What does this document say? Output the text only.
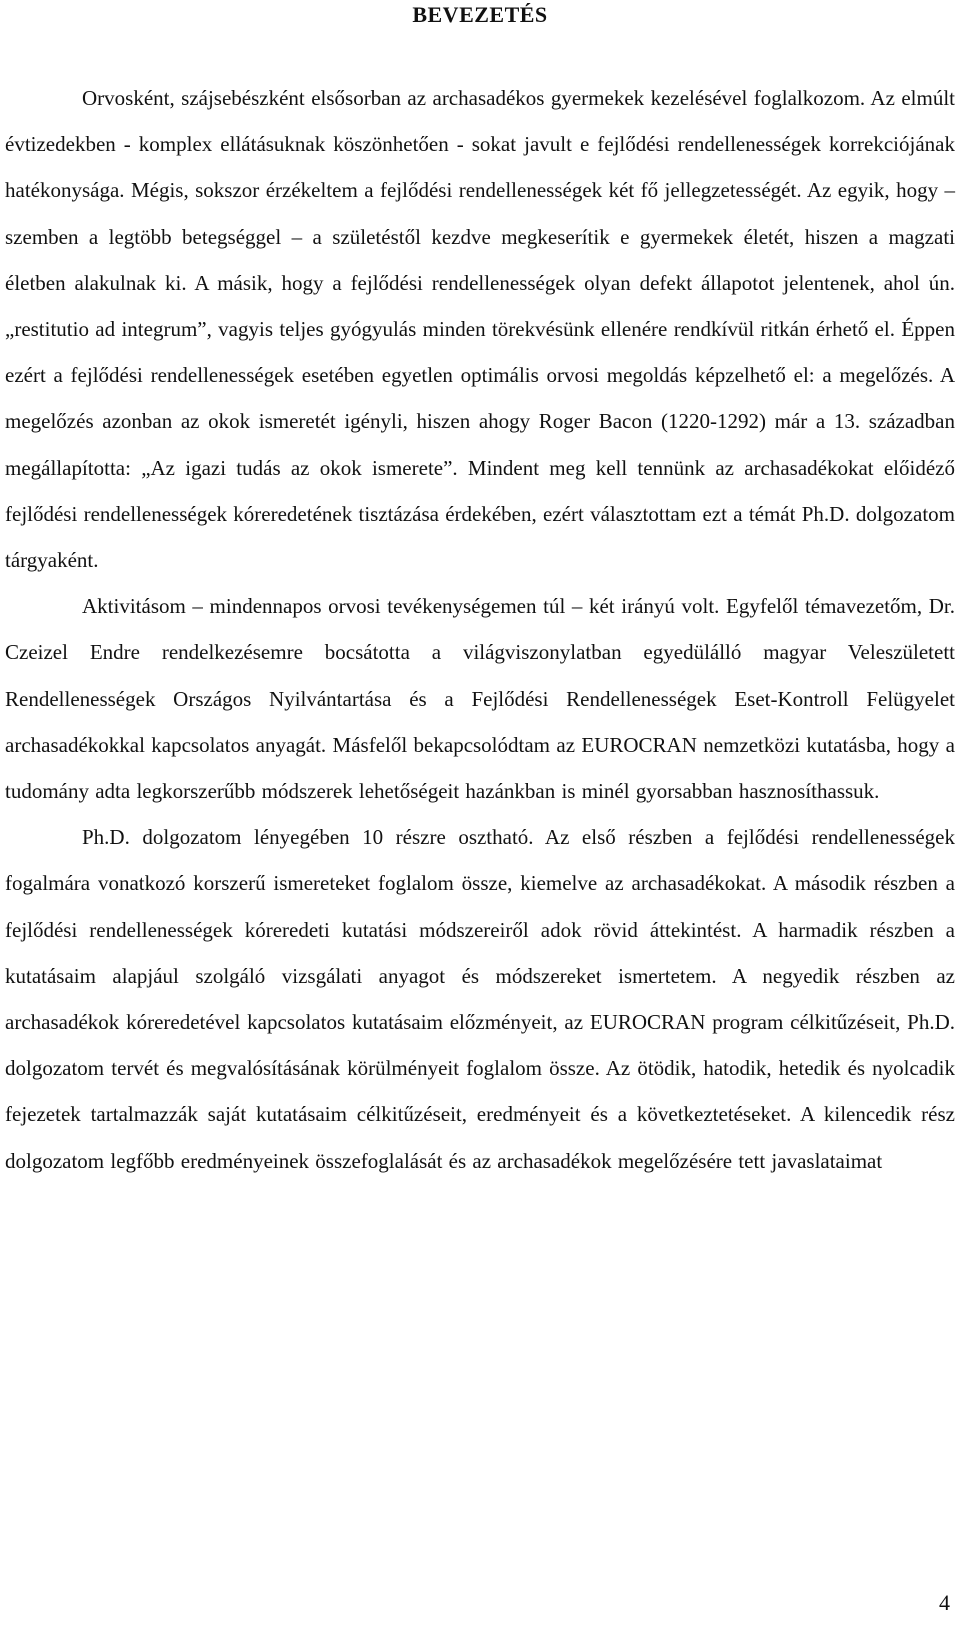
BEVEZETÉS

Orvosként, szájsebészként elsősorban az archasadékos gyermekek kezelésével foglalkozom. Az elmúlt évtizedekben - komplex ellátásuknak köszönhetően - sokat javult e fejlődési rendellenességek korrekciójának hatékonysága. Mégis, sokszor érzékeltem a fejlődési rendellenességek két fő jellegzetességét. Az egyik, hogy – szemben a legtöbb betegséggel – a születéstől kezdve megkeserítik e gyermekek életét, hiszen a magzati életben alakulnak ki. A másik, hogy a fejlődési rendellenességek olyan defekt állapotot jelentenek, ahol ún. „restitutio ad integrum”, vagyis teljes gyógyulás minden törekvésünk ellenére rendkívül ritkán érhető el. Éppen ezért a fejlődési rendellenességek esetében egyetlen optimális orvosi megoldás képzelhető el: a megelőzés. A megelőzés azonban az okok ismeretét igényli, hiszen ahogy Roger Bacon (1220-1292) már a 13. században megállapította: „Az igazi tudás az okok ismerete”. Mindent meg kell tennünk az archasadékokat előidéző fejlődési rendellenességek kóreredetének tisztázása érdekében, ezért választottam ezt a témát Ph.D. dolgozatom tárgyaként.

Aktivitásom – mindennapos orvosi tevékenységemen túl – két irányú volt. Egyfelől témavezetőm, Dr. Czeizel Endre rendelkezésemre bocsátotta a világviszonylatban egyedülálló magyar Veleszületett Rendellenességek Országos Nyilvántartása és a Fejlődési Rendellenességek Eset-Kontroll Felügyelet archasadékokkal kapcsolatos anyagát. Másfelől bekapcsolódtam az EUROCRAN nemzetközi kutatásba, hogy a tudomány adta legkorszerűbb módszerek lehetőségeit hazánkban is minél gyorsabban hasznosíthassuk.

Ph.D. dolgozatom lényegében 10 részre osztható. Az első részben a fejlődési rendellenességek fogalmára vonatkozó korszerű ismereteket foglalom össze, kiemelve az archasadékokat. A második részben a fejlődési rendellenességek kóreredeti kutatási módszereiről adok rövid áttekintést. A harmadik részben a kutatásaim alapjául szolgáló vizsgálati anyagot és módszereket ismertetem. A negyedik részben az archasadékok kóreredetével kapcsolatos kutatásaim előzményeit, az EUROCRAN program célkitűzéseit, Ph.D. dolgozatom tervét és megvalósításának körülményeit foglalom össze. Az ötödik, hatodik, hetedik és nyolcadik fejezetek tartalmazzák saját kutatásaim célkitűzéseit, eredményeit és a következtetéseket. A kilencedik rész dolgozatom legfőbb eredményeinek összefoglalását és az archasadékok megelőzésére tett javaslataimat

4
